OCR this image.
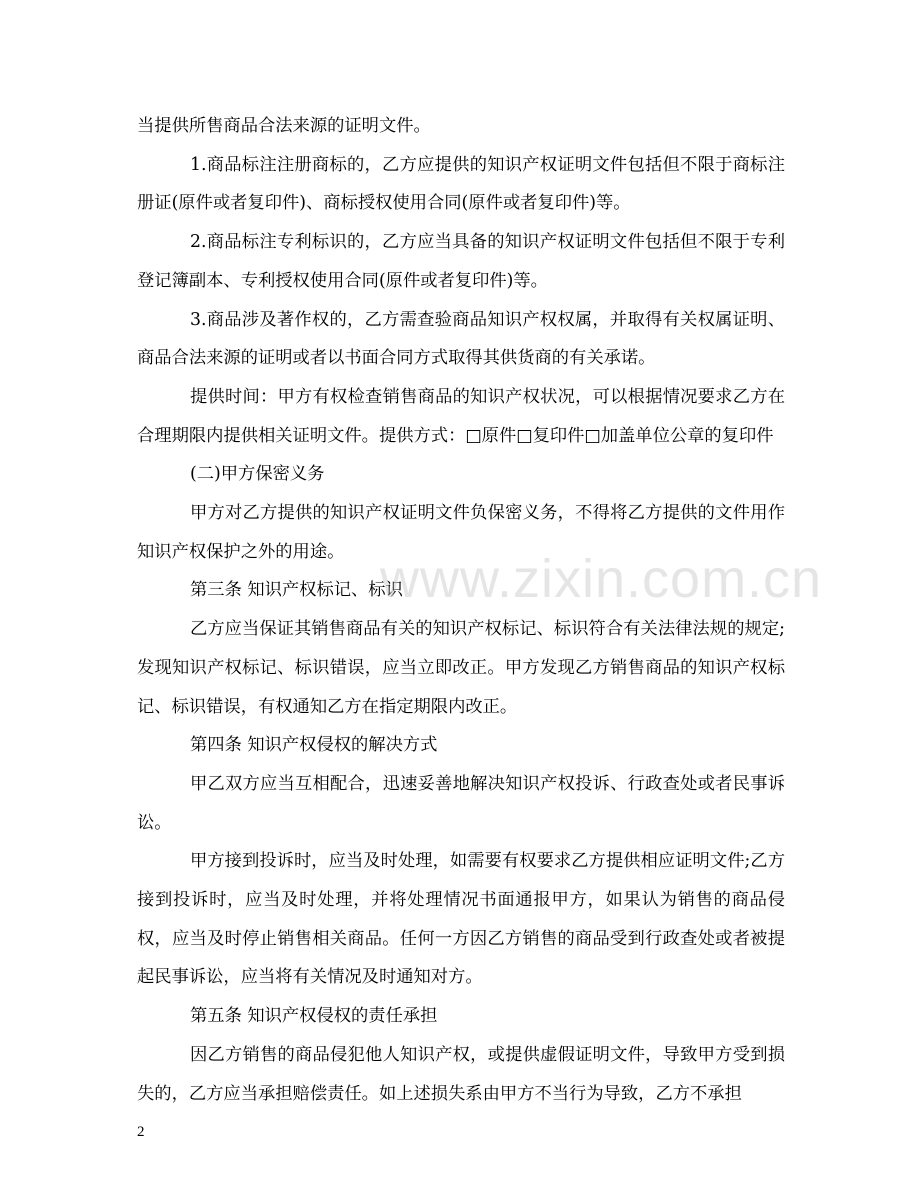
当提供所售商品合法来源的证明文件。

1.商品标注注册商标的，乙方应提供的知识产权证明文件包括但不限于商标注册证(原件或者复印件)、商标授权使用合同(原件或者复印件)等。

2.商品标注专利标识的，乙方应当具备的知识产权证明文件包括但不限于专利登记簿副本、专利授权使用合同(原件或者复印件)等。

3.商品涉及著作权的，乙方需查验商品知识产权权属，并取得有关权属证明、商品合法来源的证明或者以书面合同方式取得其供货商的有关承诺。

提供时间：甲方有权检查销售商品的知识产权状况，可以根据情况要求乙方在合理期限内提供相关证明文件。提供方式：□原件□复印件□加盖单位公章的复印件

(二)甲方保密义务

甲方对乙方提供的知识产权证明文件负保密义务，不得将乙方提供的文件用作知识产权保护之外的用途。

第三条 知识产权标记、标识

乙方应当保证其销售商品有关的知识产权标记、标识符合有关法律法规的规定;发现知识产权标记、标识错误，应当立即改正。甲方发现乙方销售商品的知识产权标记、标识错误，有权通知乙方在指定期限内改正。

第四条 知识产权侵权的解决方式

甲乙双方应当互相配合，迅速妥善地解决知识产权投诉、行政查处或者民事诉讼。

甲方接到投诉时，应当及时处理，如需要有权要求乙方提供相应证明文件;乙方接到投诉时，应当及时处理，并将处理情况书面通报甲方，如果认为销售的商品侵权，应当及时停止销售相关商品。任何一方因乙方销售的商品受到行政查处或者被提起民事诉讼，应当将有关情况及时通知对方。

第五条 知识产权侵权的责任承担

因乙方销售的商品侵犯他人知识产权，或提供虚假证明文件，导致甲方受到损失的，乙方应当承担赔偿责任。如上述损失系由甲方不当行为导致，乙方不承担

www.zixin.com.cn
2
